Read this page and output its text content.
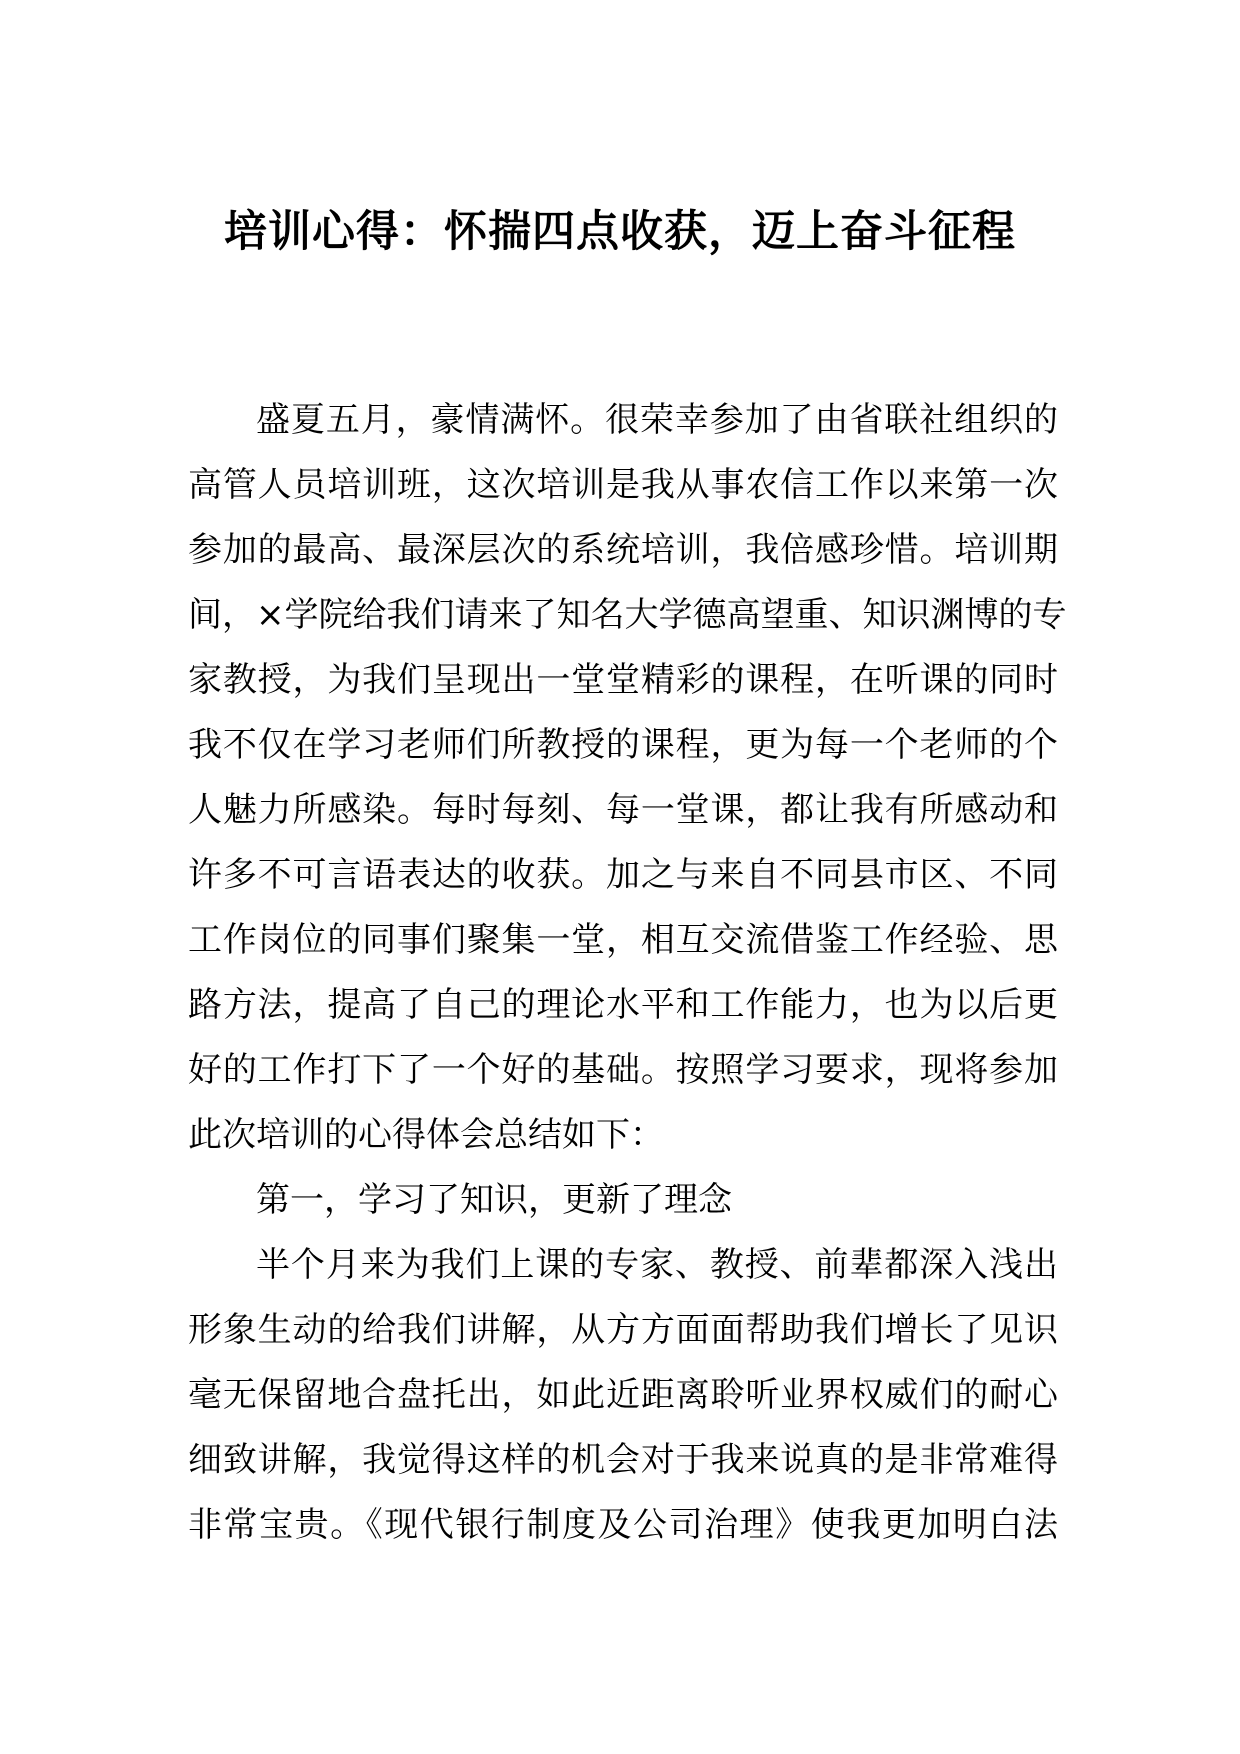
培训心得：怀揣四点收获，迈上奋斗征程
盛夏五月，豪情满怀。很荣幸参加了由省联社组织的
高管人员培训班，这次培训是我从事农信工作以来第一次
参加的最高、最深层次的系统培训，我倍感珍惜。培训期
间，×学院给我们请来了知名大学德高望重、知识渊博的专
家教授，为我们呈现出一堂堂精彩的课程，在听课的同时
我不仅在学习老师们所教授的课程，更为每一个老师的个
人魅力所感染。每时每刻、每一堂课，都让我有所感动和
许多不可言语表达的收获。加之与来自不同县市区、不同
工作岗位的同事们聚集一堂，相互交流借鉴工作经验、思
路方法，提高了自己的理论水平和工作能力，也为以后更
好的工作打下了一个好的基础。按照学习要求，现将参加
此次培训的心得体会总结如下：
第一，学习了知识，更新了理念
半个月来为我们上课的专家、教授、前辈都深入浅出
形象生动的给我们讲解，从方方面面帮助我们增长了见识
毫无保留地合盘托出，如此近距离聆听业界权威们的耐心
细致讲解，我觉得这样的机会对于我来说真的是非常难得
非常宝贵。《现代银行制度及公司治理》使我更加明白法
